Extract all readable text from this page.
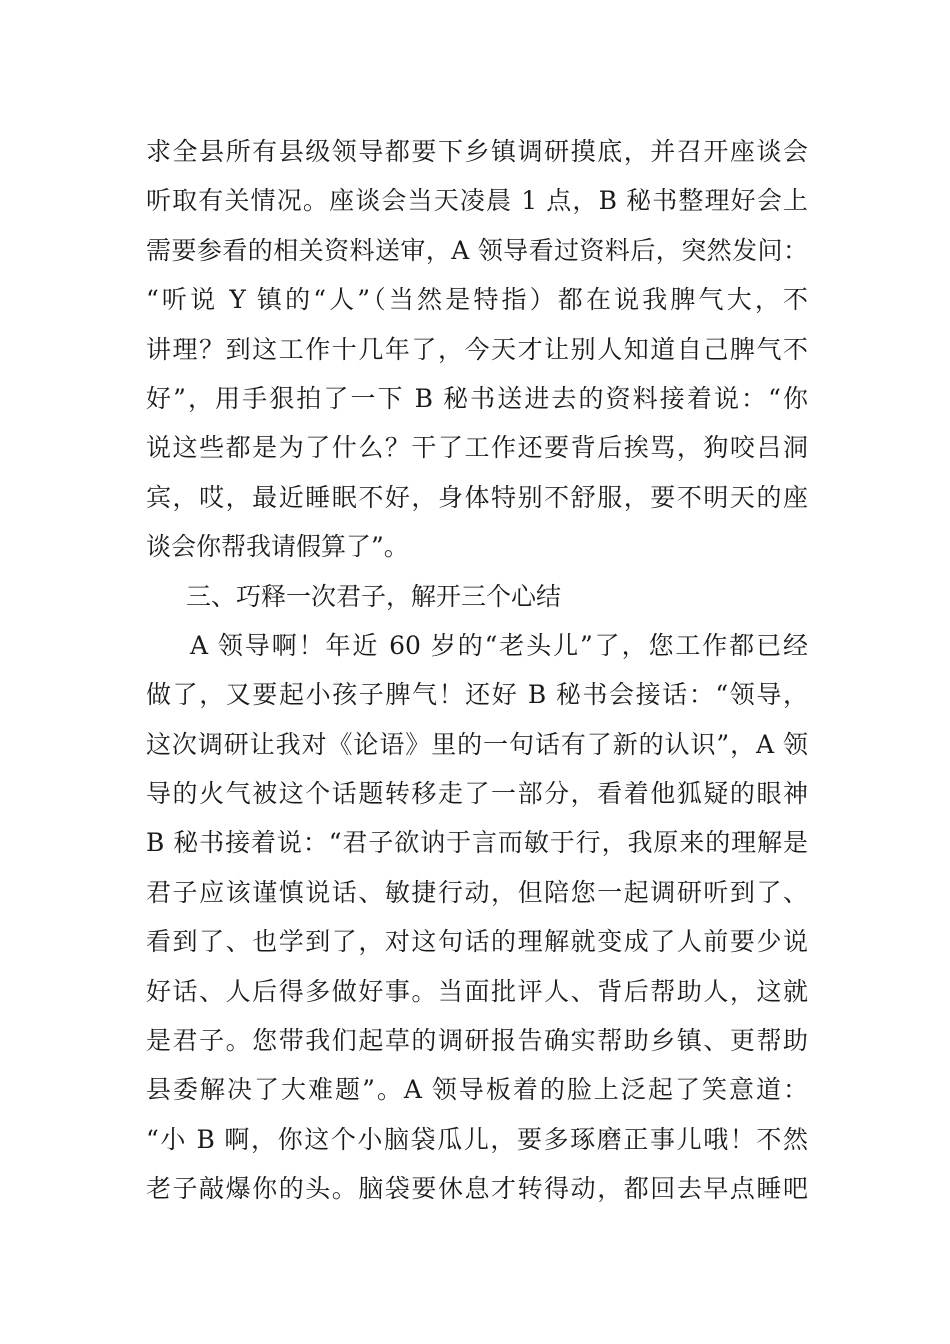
求全县所有县级领导都要下乡镇调研摸底，并召开座谈会
听取有关情况。座谈会当天凌晨 1 点，B 秘书整理好会上
需要参看的相关资料送审，A 领导看过资料后，突然发问：
“听说 Y 镇的“人”（当然是特指）都在说我脾气大，不
讲理？到这工作十几年了，今天才让别人知道自己脾气不
好”，用手狠拍了一下 B 秘书送进去的资料接着说：“你
说这些都是为了什么？干了工作还要背后挨骂，狗咬吕洞
宾，哎，最近睡眠不好，身体特别不舒服，要不明天的座
谈会你帮我请假算了”。
三、巧释一次君子，解开三个心结
A 领导啊！年近 60 岁的“老头儿”了，您工作都已经
做了，又要起小孩子脾气！还好 B 秘书会接话：“领导，
这次调研让我对《论语》里的一句话有了新的认识”，A 领
导的火气被这个话题转移走了一部分，看着他狐疑的眼神
B 秘书接着说：“君子欲讷于言而敏于行，我原来的理解是
君子应该谨慎说话、敏捷行动，但陪您一起调研听到了、
看到了、也学到了，对这句话的理解就变成了人前要少说
好话、人后得多做好事。当面批评人、背后帮助人，这就
是君子。您带我们起草的调研报告确实帮助乡镇、更帮助
县委解决了大难题”。A 领导板着的脸上泛起了笑意道：
“小 B 啊，你这个小脑袋瓜儿，要多琢磨正事儿哦！不然
老子敲爆你的头。脑袋要休息才转得动，都回去早点睡吧
